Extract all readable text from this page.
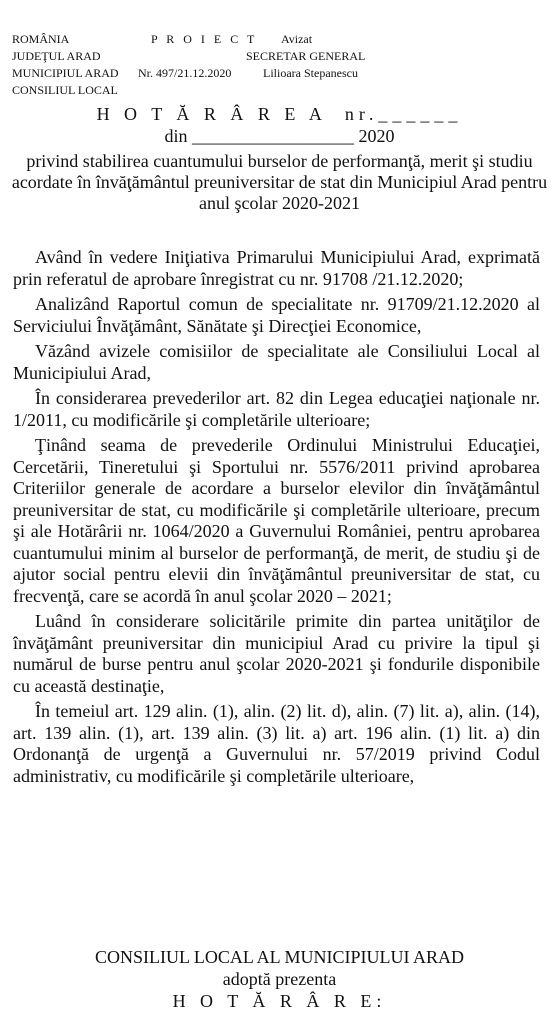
ROMÂNIA
JUDEŢUL ARAD
MUNICIPIUL ARAD
CONSILIUL LOCAL
P R O I E C T Avizat
SECRETAR GENERAL
Nr. 497/21.12.2020	Lilioara Stepanescu
H O T Ă R Â R E A  nr.______
din __________________ 2020
privind stabilirea cuantumului burselor de performanţă, merit şi studiu acordate în învăţământul preuniversitar de stat din Municipiul Arad pentru anul şcolar 2020-2021

Având în vedere Iniţiativa Primarului Municipiului Arad, exprimată prin referatul de aprobare înregistrat cu nr. 91708 /21.12.2020;

Analizând Raportul comun de specialitate nr. 91709/21.12.2020 al Serviciului Învăţământ, Sănătate şi Direcţiei Economice,

Văzând avizele comisiilor de specialitate ale Consiliului Local al Municipiului Arad,

În considerarea prevederilor art. 82 din Legea educaţiei naţionale nr. 1/2011, cu modificările şi completările ulterioare;

Ţinând seama de prevederile Ordinului Ministrului Educaţiei, Cercetării, Tineretului şi Sportului nr. 5576/2011 privind aprobarea Criteriilor generale de acordare a burselor elevilor din învăţământul preuniversitar de stat, cu modificările şi completările ulterioare, precum şi ale Hotărârii nr. 1064/2020 a Guvernului României, pentru aprobarea cuantumului minim al burselor de performanţă, de merit, de studiu şi de ajutor social pentru elevii din învăţământul preuniversitar de stat, cu frecvenţă, care se acordă în anul şcolar 2020 – 2021;

Luând în considerare solicitările primite din partea unităţilor de învăţământ preuniversitar din municipiul Arad cu privire la tipul şi numărul de burse pentru anul şcolar 2020-2021 şi fondurile disponibile cu această destinaţie,

În temeiul art. 129 alin. (1), alin. (2) lit. d), alin. (7) lit. a), alin. (14), art. 139 alin. (1), art. 139 alin. (3) lit. a) art. 196 alin. (1) lit. a) din Ordonanţă de urgenţă a Guvernului nr. 57/2019 privind Codul administrativ, cu modificările şi completările ulterioare,

CONSILIUL LOCAL AL MUNICIPIULUI ARAD
adoptă prezenta
H O T Ă R Â R E:
